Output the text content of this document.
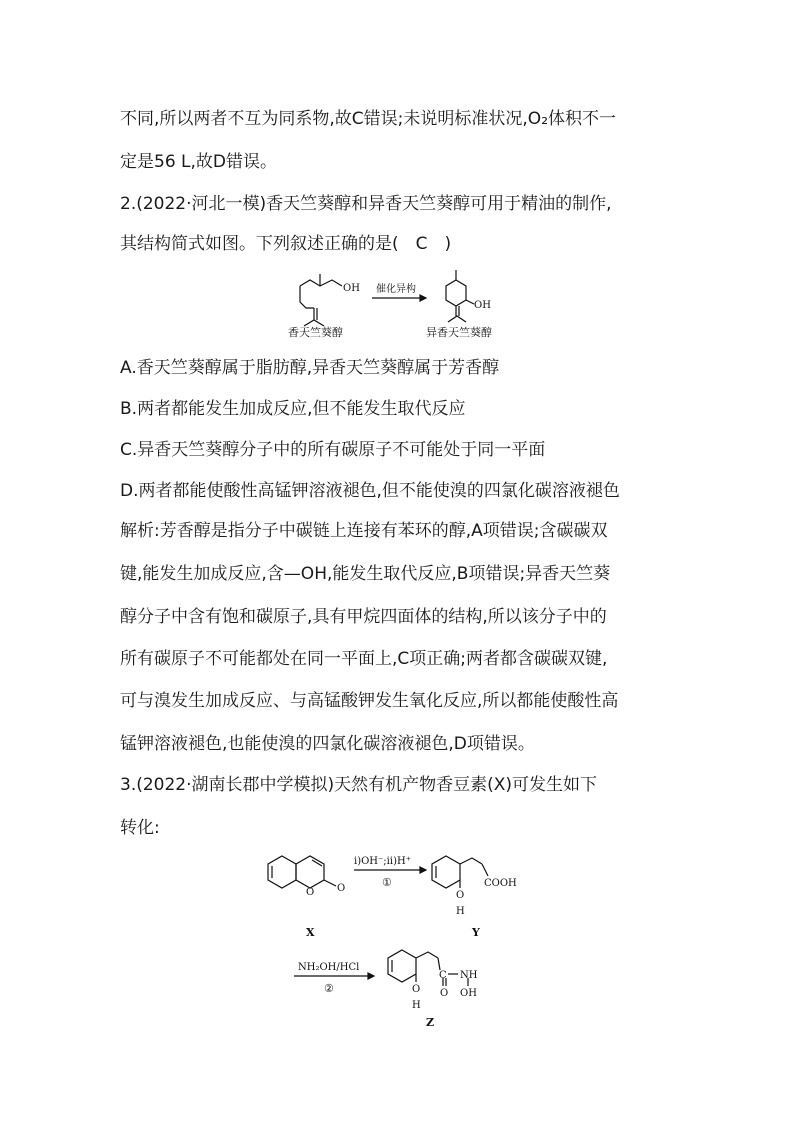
不同,所以两者不互为同系物,故C错误;未说明标准状况,O₂体积不一
定是56 L,故D错误。
2.(2022·河北一模)香天竺葵醇和异香天竺葵醇可用于精油的制作,
其结构简式如图。下列叙述正确的是(　C　)
OH
香天竺葵醇
催化异构
OH
异香天竺葵醇
A.香天竺葵醇属于脂肪醇,异香天竺葵醇属于芳香醇
B.两者都能发生加成反应,但不能发生取代反应
C.异香天竺葵醇分子中的所有碳原子不可能处于同一平面
D.两者都能使酸性高锰钾溶液褪色,但不能使溴的四氯化碳溶液褪色
解析:芳香醇是指分子中碳链上连接有苯环的醇,A项错误;含碳碳双
键,能发生加成反应,含—OH,能发生取代反应,B项错误;异香天竺葵
醇分子中含有饱和碳原子,具有甲烷四面体的结构,所以该分子中的
所有碳原子不可能都处在同一平面上,C项正确;两者都含碳碳双键,
可与溴发生加成反应、与高锰酸钾发生氧化反应,所以都能使酸性高
锰钾溶液褪色,也能使溴的四氯化碳溶液褪色,D项错误。
3.(2022·湖南长郡中学模拟)天然有机产物香豆素(X)可发生如下
转化:
O O
X
ⅰ)OH⁻;ⅱ)H⁺
①	COOH
O
H
Y
NH₂OH/HCl
②
C NH
O OH
O
H
Z
